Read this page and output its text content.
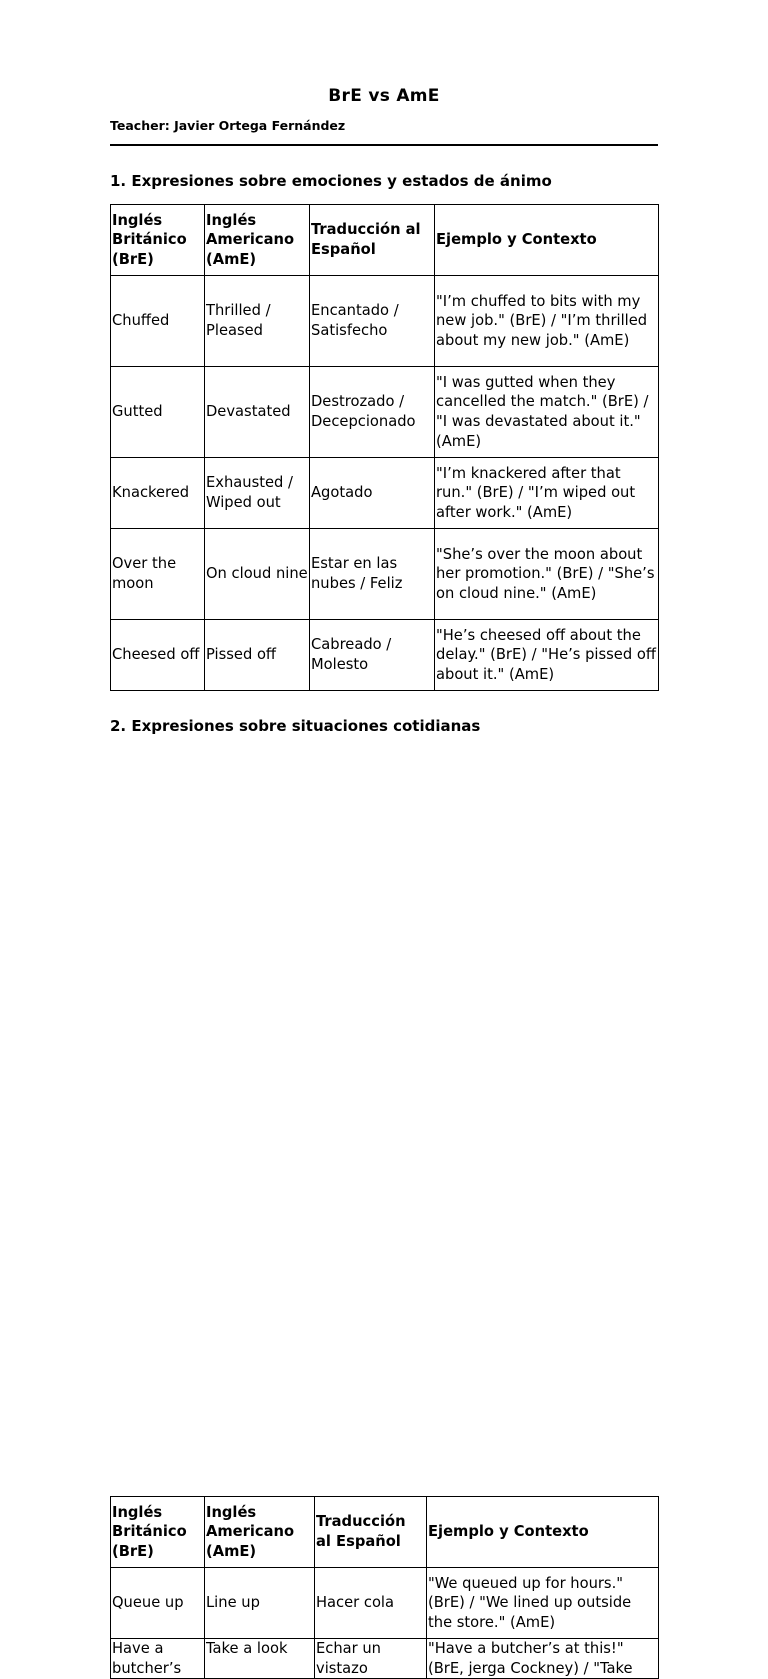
BrE vs AmE
Teacher: Javier Ortega Fernández
1. Expresiones sobre emociones y estados de ánimo
Inglés Británico (BrE)	Inglés Americano (AmE)	Traducción al Español	Ejemplo y Contexto
Chuffed	Thrilled / Pleased	Encantado / Satisfecho	"I’m chuffed to bits with my new job." (BrE) / "I’m thrilled about my new job." (AmE)
Gutted	Devastated	Destrozado / Decepcionado	"I was gutted when they cancelled the match." (BrE) / "I was devastated about it." (AmE)
Knackered	Exhausted / Wiped out	Agotado	"I’m knackered after that run." (BrE) / "I’m wiped out after work." (AmE)
Over the moon	On cloud nine	Estar en las nubes / Feliz	"She’s over the moon about her promotion." (BrE) / "She’s on cloud nine." (AmE)
Cheesed off	Pissed off	Cabreado / Molesto	"He’s cheesed off about the delay." (BrE) / "He’s pissed off about it." (AmE)
2. Expresiones sobre situaciones cotidianas
Inglés Británico (BrE)	Inglés Americano (AmE)	Traducción al Español	Ejemplo y Contexto
Queue up	Line up	Hacer cola	"We queued up for hours." (BrE) / "We lined up outside the store." (AmE)
Have a butcher’s	Take a look	Echar un vistazo	"Have a butcher’s at this!" (BrE, jerga Cockney) / "Take
